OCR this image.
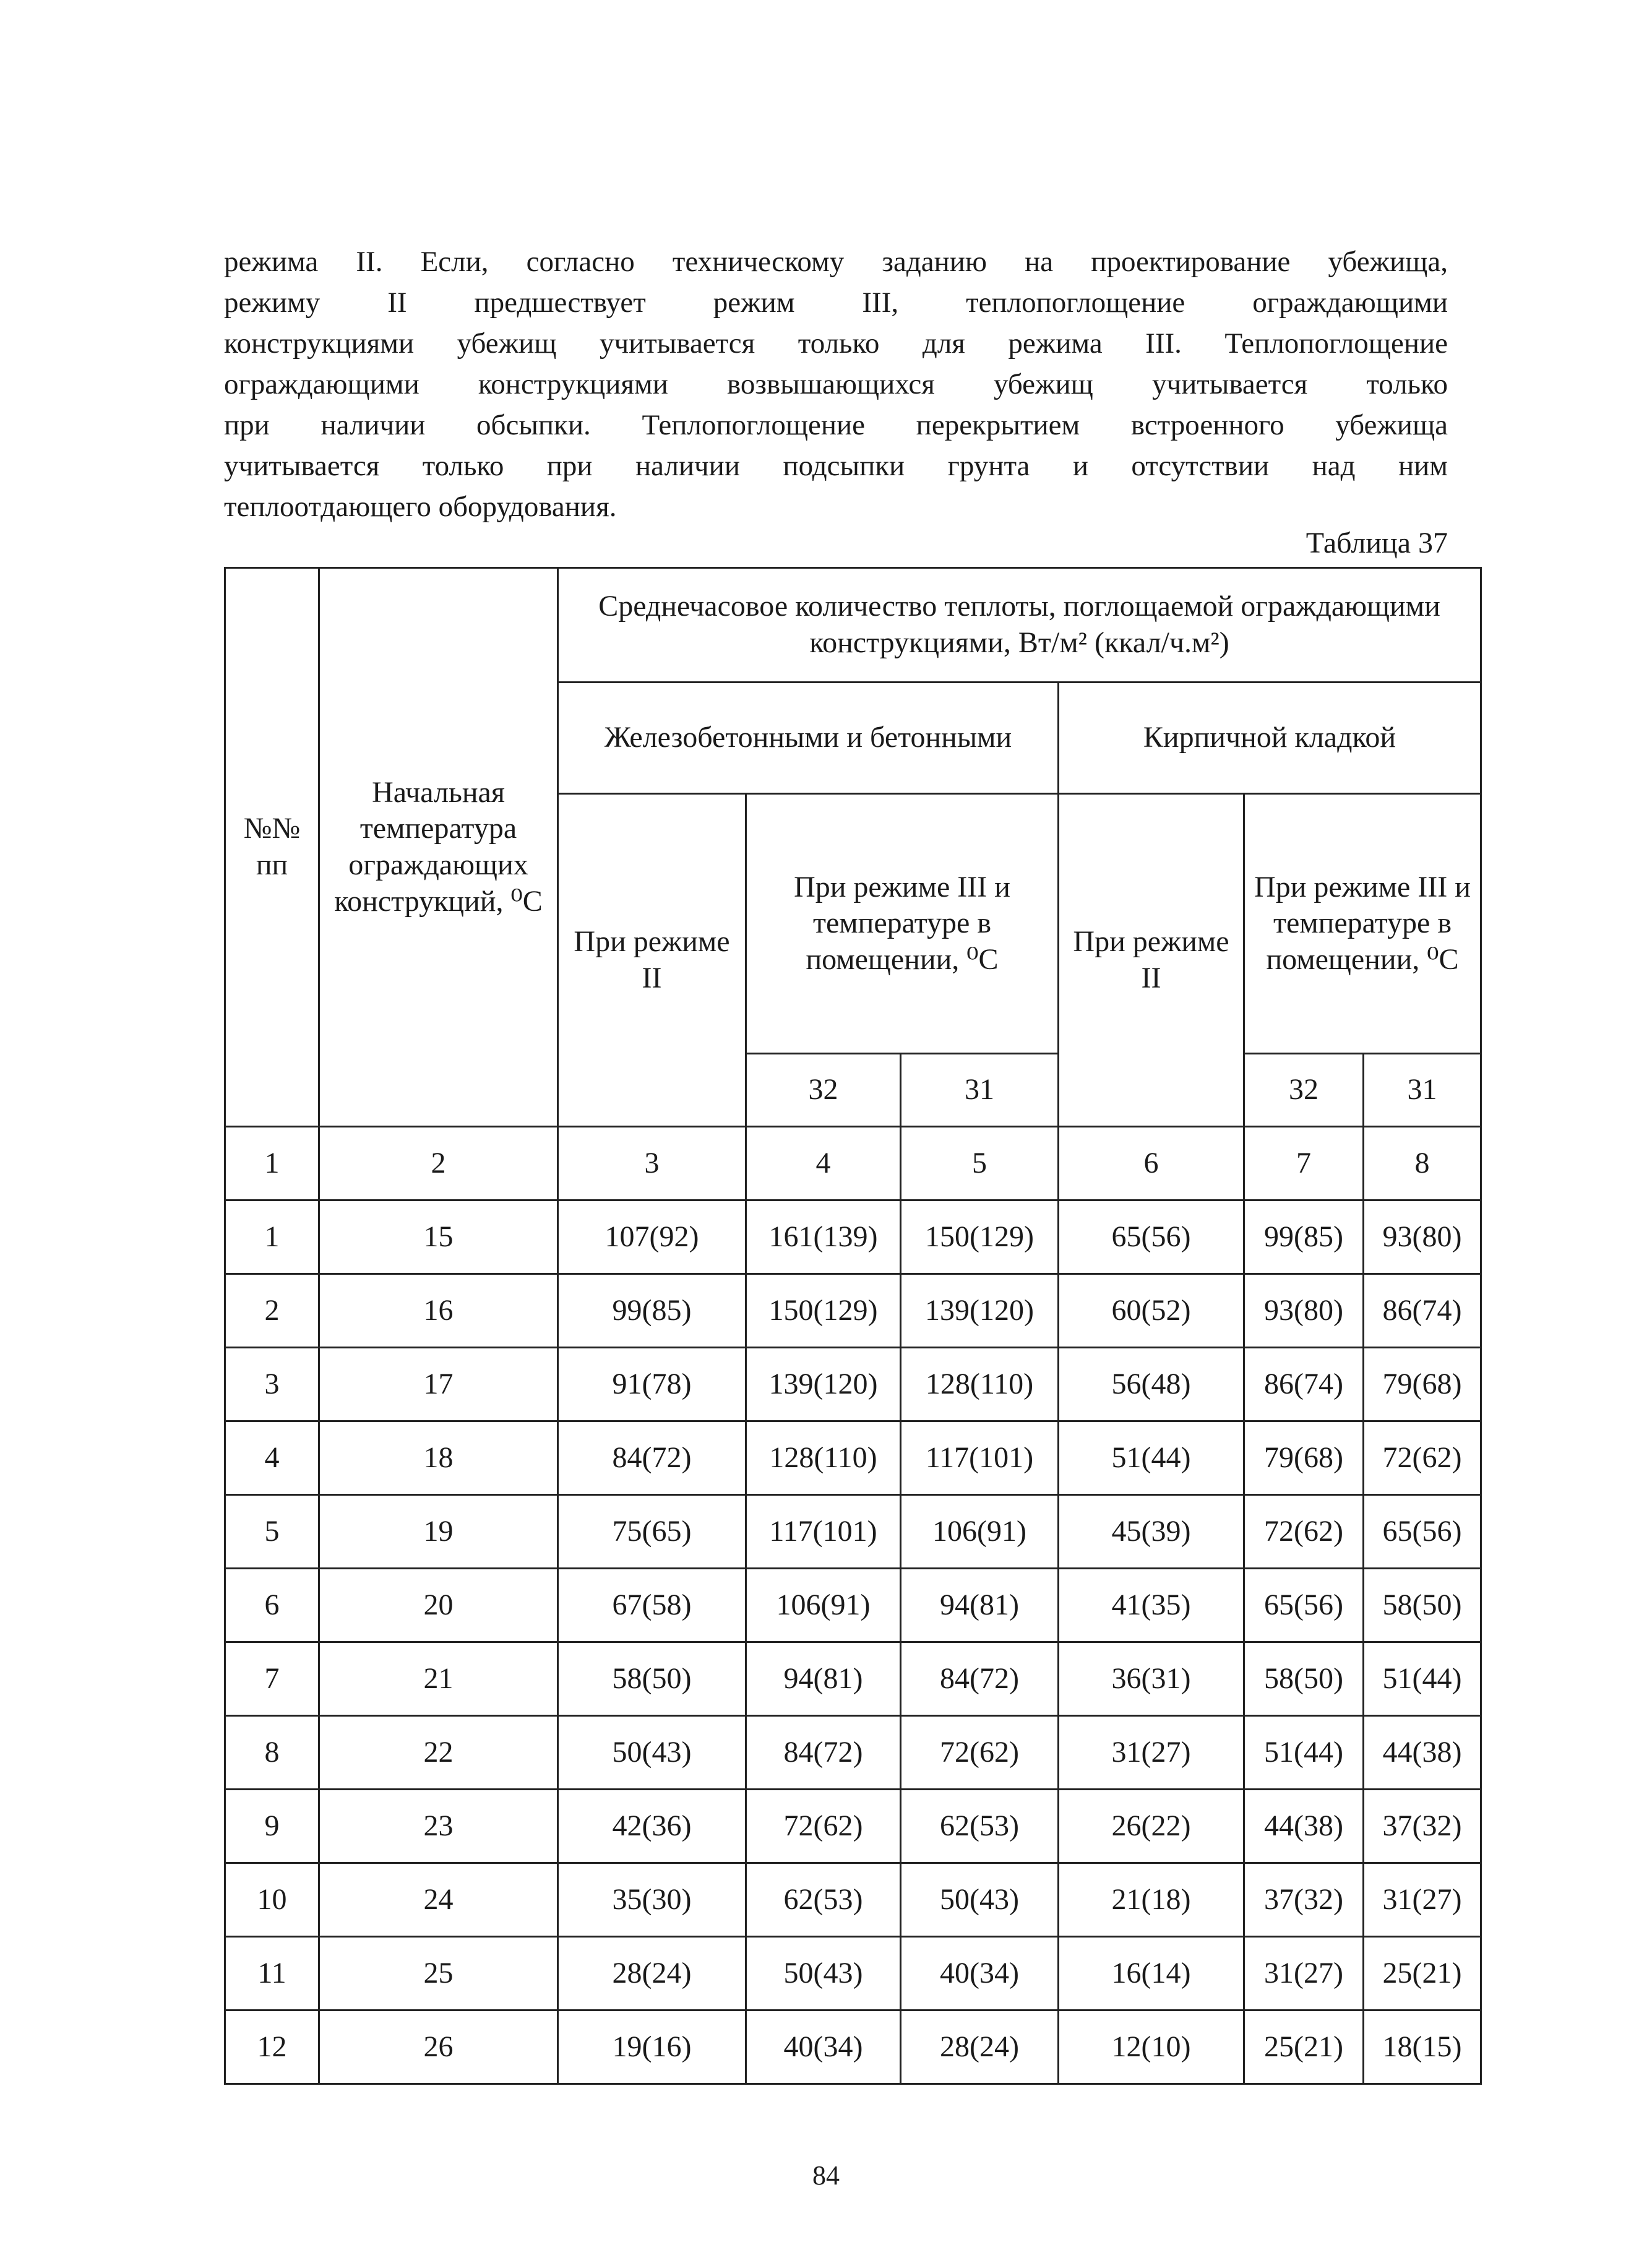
режима II. Если, согласно техническому заданию на проектирование убежища,
режиму II предшествует режим III, теплопоглощение ограждающими
конструкциями убежищ учитывается только для режима III. Теплопоглощение
ограждающими конструкциями возвышающихся убежищ учитывается только
при наличии обсыпки. Теплопоглощение перекрытием встроенного убежища
учитывается только при наличии подсыпки грунта и отсутствии над ним
теплоотдающего оборудования.
Таблица 37
№№ пп	Начальная температура ограждающих конструкций, ⁰С	Среднечасовое количество теплоты, поглощаемой ограждающими конструкциями, Вт/м² (ккал/ч.м²)					
		Железобетонными и бетонными			Кирпичной кладкой		
		При режиме II	При режиме III и температуре в помещении, ⁰С		При режиме II	При режиме III и температуре в помещении, ⁰С	
			32	31		32	31
1	2	3	4	5	6	7	8
1	15	107(92)	161(139)	150(129)	65(56)	99(85)	93(80)
2	16	99(85)	150(129)	139(120)	60(52)	93(80)	86(74)
3	17	91(78)	139(120)	128(110)	56(48)	86(74)	79(68)
4	18	84(72)	128(110)	117(101)	51(44)	79(68)	72(62)
5	19	75(65)	117(101)	106(91)	45(39)	72(62)	65(56)
6	20	67(58)	106(91)	94(81)	41(35)	65(56)	58(50)
7	21	58(50)	94(81)	84(72)	36(31)	58(50)	51(44)
8	22	50(43)	84(72)	72(62)	31(27)	51(44)	44(38)
9	23	42(36)	72(62)	62(53)	26(22)	44(38)	37(32)
10	24	35(30)	62(53)	50(43)	21(18)	37(32)	31(27)
11	25	28(24)	50(43)	40(34)	16(14)	31(27)	25(21)
12	26	19(16)	40(34)	28(24)	12(10)	25(21)	18(15)
84
